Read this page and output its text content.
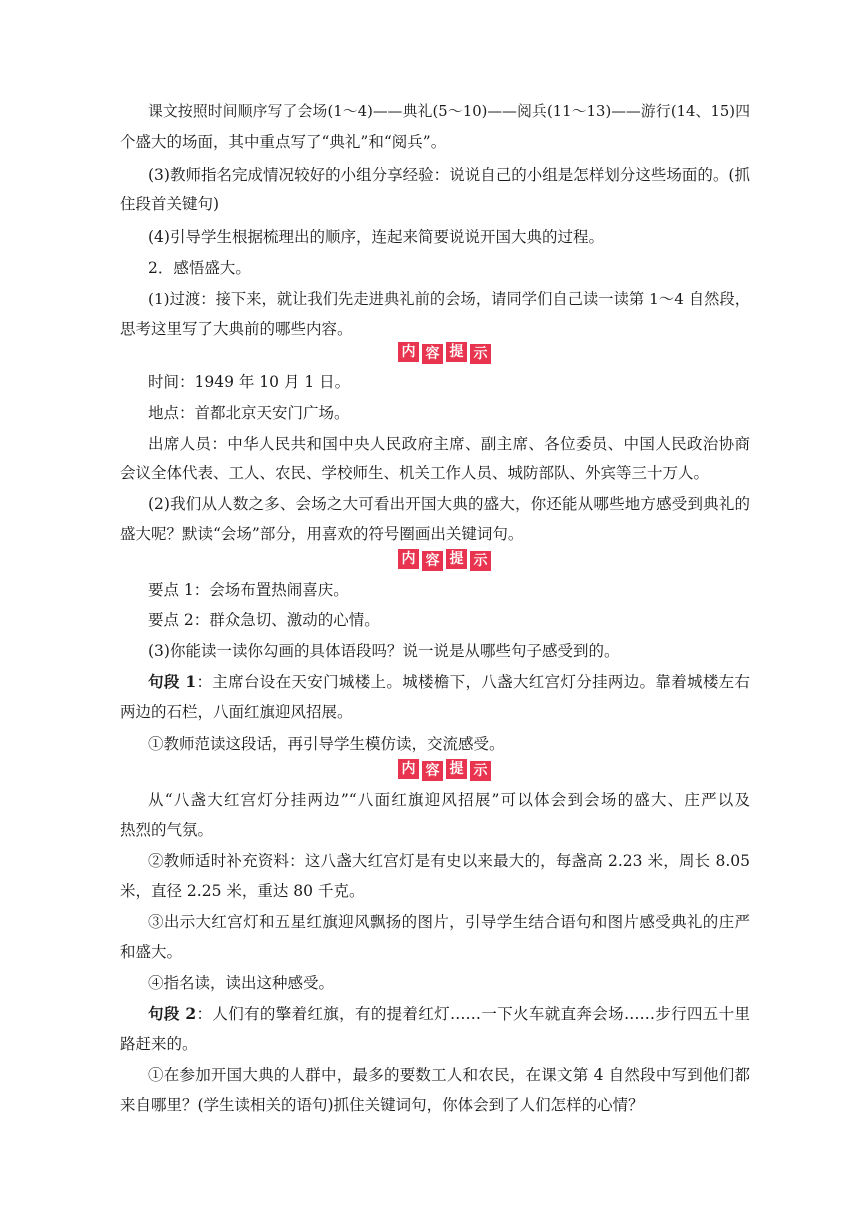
课文按照时间顺序写了会场(1～4)——典礼(5～10)——阅兵(11～13)——游行(14、15)四
个盛大的场面，其中重点写了“典礼”和“阅兵”。
(3)教师指名完成情况较好的小组分享经验：说说自己的小组是怎样划分这些场面的。(抓
住段首关键句)
(4)引导学生根据梳理出的顺序，连起来简要说说开国大典的过程。
2．感悟盛大。
(1)过渡：接下来，就让我们先走进典礼前的会场，请同学们自己读一读第 1～4 自然段，
思考这里写了大典前的哪些内容。
内 容 提 示
时间：1949 年 10 月 1 日。
地点：首都北京天安门广场。
出席人员：中华人民共和国中央人民政府主席、副主席、各位委员、中国人民政治协商
会议全体代表、工人、农民、学校师生、机关工作人员、城防部队、外宾等三十万人。
(2)我们从人数之多、会场之大可看出开国大典的盛大，你还能从哪些地方感受到典礼的
盛大呢？默读“会场”部分，用喜欢的符号圈画出关键词句。
内 容 提 示
要点 1：会场布置热闹喜庆。
要点 2：群众急切、激动的心情。
(3)你能读一读你勾画的具体语段吗？说一说是从哪些句子感受到的。
句段 1：主席台设在天安门城楼上。城楼檐下，八盏大红宫灯分挂两边。靠着城楼左右
两边的石栏，八面红旗迎风招展。
①教师范读这段话，再引导学生模仿读，交流感受。
内 容 提 示
从“八盏大红宫灯分挂两边”“八面红旗迎风招展”可以体会到会场的盛大、庄严以及
热烈的气氛。
②教师适时补充资料：这八盏大红宫灯是有史以来最大的，每盏高 2.23 米，周长 8.05
米，直径 2.25 米，重达 80 千克。
③出示大红宫灯和五星红旗迎风飘扬的图片，引导学生结合语句和图片感受典礼的庄严
和盛大。
④指名读，读出这种感受。
句段 2：人们有的擎着红旗，有的提着红灯……一下火车就直奔会场……步行四五十里
路赶来的。
①在参加开国大典的人群中，最多的要数工人和农民，在课文第 4 自然段中写到他们都
来自哪里？(学生读相关的语句)抓住关键词句，你体会到了人们怎样的心情？
